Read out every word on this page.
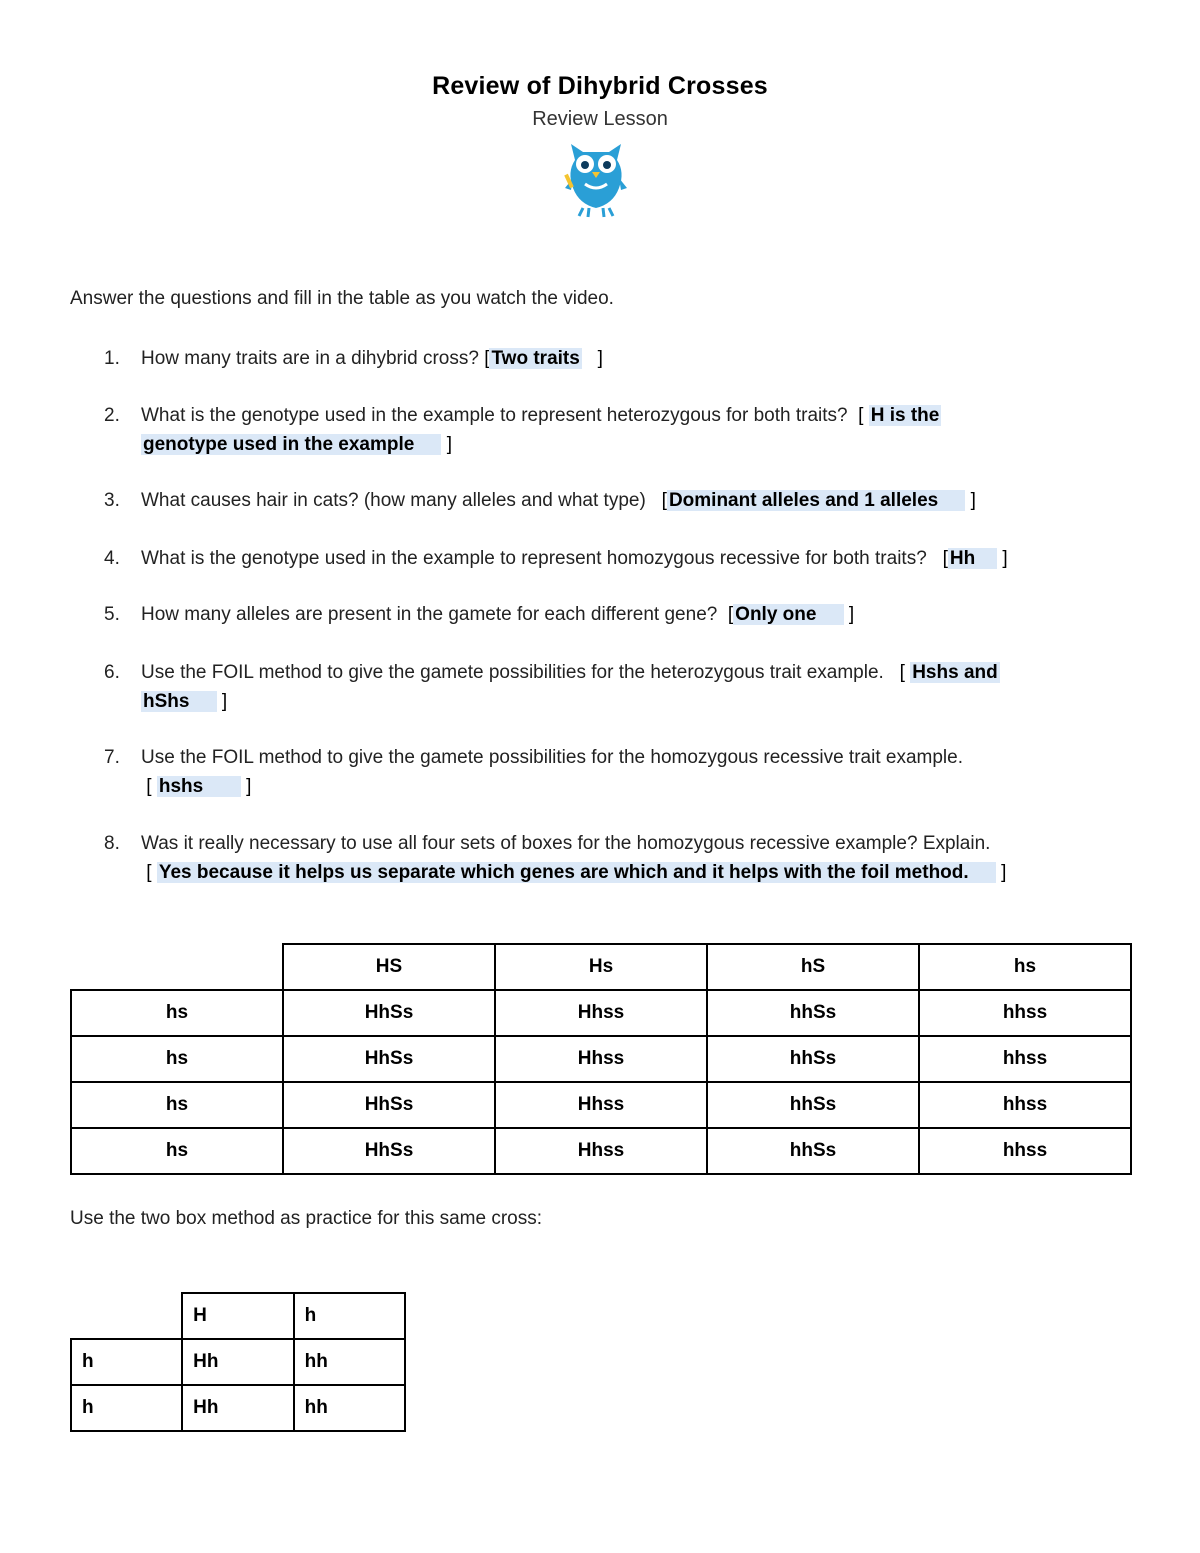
Review of Dihybrid Crosses
Review Lesson
Answer the questions and fill in the table as you watch the video.
1. How many traits are in a dihybrid cross? [ Two traits ]
2. What is the genotype used in the example to represent heterozygous for both traits? [ H is the
genotype used in the example ]
3. What causes hair in cats? (how many alleles and what type) [ Dominant alleles and 1 alleles ]
4. What is the genotype used in the example to represent homozygous recessive for both traits? [ Hh ]
5. How many alleles are present in the gamete for each different gene? [ Only one ]
6. Use the FOIL method to give the gamete possibilities for the heterozygous trait example. [ Hshs and
hShs ]
7. Use the FOIL method to give the gamete possibilities for the homozygous recessive trait example.
[ hshs ]
8. Was it really necessary to use all four sets of boxes for the homozygous recessive example? Explain.
[ Yes because it helps us separate which genes are which and it helps with the foil method. ]
	HS	Hs	hS	hs
hs	HhSs	Hhss	hhSs	hhss
hs	HhSs	Hhss	hhSs	hhss
hs	HhSs	Hhss	hhSs	hhss
hs	HhSs	Hhss	hhSs	hhss
Use the two box method as practice for this same cross:
	H	h
h	Hh	hh
h	Hh	hh
